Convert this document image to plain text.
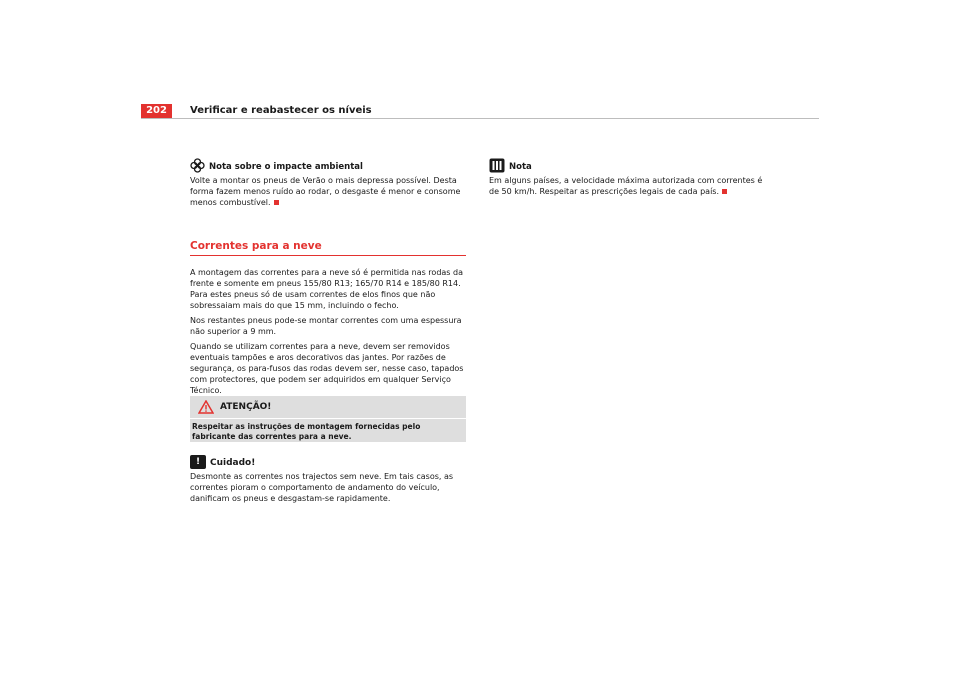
202	Verificar e reabastecer os níveis
Nota sobre o impacte ambiental

Volte a montar os pneus de Verão o mais depressa possível. Desta forma fazem menos ruído ao rodar, o desgaste é menor e consome menos combustível.

Correntes para a neve

A montagem das correntes para a neve só é permitida nas rodas da frente e somente em pneus 155/80 R13; 165/70 R14 e 185/80 R14. Para estes pneus só de usam correntes de elos finos que não sobressaiam mais do que 15 mm, incluindo o fecho.

Nos restantes pneus pode-se montar correntes com uma espessura não superior a 9 mm.

Quando se utilizam correntes para a neve, devem ser removidos eventuais tampões e aros decorativos das jantes. Por razões de segurança, os para-fusos das rodas devem ser, nesse caso, tapados com protectores, que podem ser adquiridos em qualquer Serviço Técnico.

ATENÇÃO!
Respeitar as instruções de montagem fornecidas pelo fabricante das correntes para a neve.
!	Cuidado!

Desmonte as correntes nos trajectos sem neve. Em tais casos, as correntes pioram o comportamento de andamento do veículo, danificam os pneus e desgastam-se rapidamente.

Nota

Em alguns países, a velocidade máxima autorizada com correntes é de 50 km/h. Respeitar as prescrições legais de cada país.
